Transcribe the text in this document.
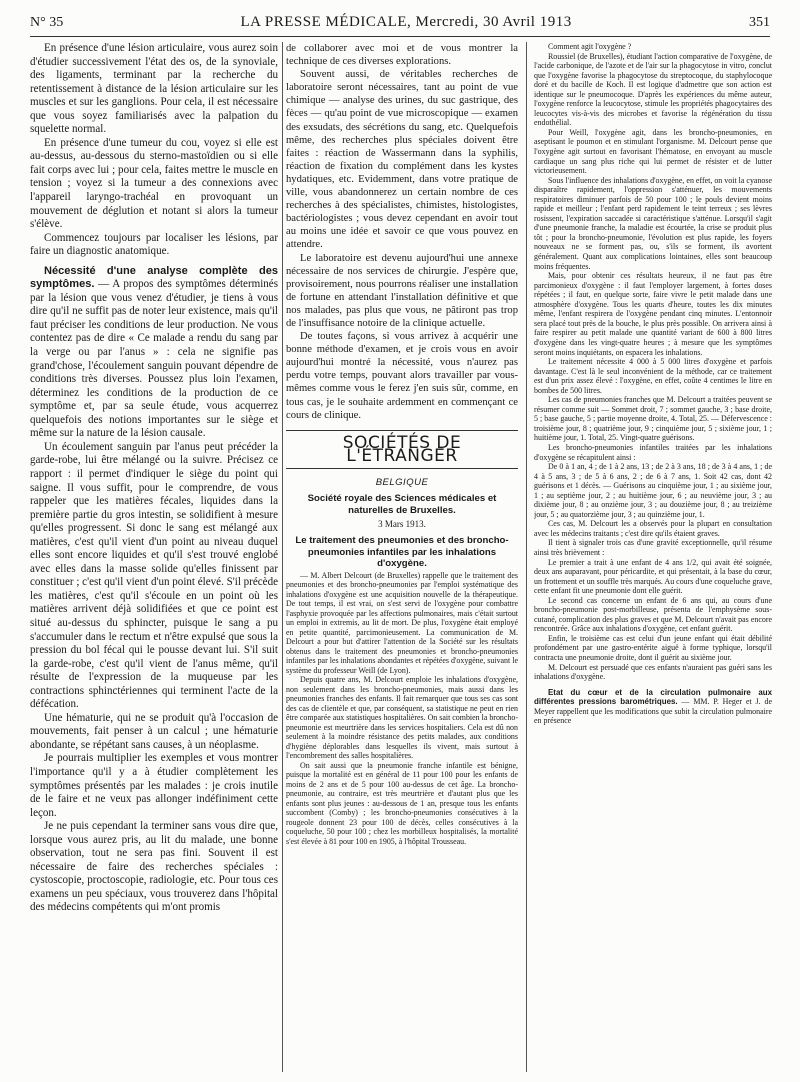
N° 35	LA PRESSE MÉDICALE, Mercredi, 30 Avril 1913	351

En présence d'une lésion articulaire, vous aurez soin d'étudier successivement l'état des os, de la synoviale, des ligaments, terminant par la recherche du retentissement à distance de la lésion articulaire sur les muscles et sur les ganglions. Pour cela, il est nécessaire que vous soyez familiarisés avec la palpation du squelette normal.

En présence d'une tumeur du cou, voyez si elle est au-dessus, au-dessous du sterno-mastoïdien ou si elle fait corps avec lui ; pour cela, faites mettre le muscle en tension ; voyez si la tumeur a des connexions avec l'appareil laryngo-trachéal en provoquant un mouvement de déglution et notant si alors la tumeur s'élève.

Commencez toujours par localiser les lésions, par faire un diagnostic anatomique.

Nécessité d'une analyse complète des symptômes. — A propos des symptômes déterminés par la lésion que vous venez d'étudier, je tiens à vous dire qu'il ne suffit pas de noter leur existence, mais qu'il faut préciser les conditions de leur production. Ne vous contentez pas de dire « Ce malade a rendu du sang par la verge ou par l'anus » : cela ne signifie pas grand'chose, l'écoulement sanguin pouvant dépendre de conditions très diverses. Poussez plus loin l'examen, déterminez les conditions de la production de ce symptôme et, par sa seule étude, vous acquerrez quelquefois des notions importantes sur le siège et même sur la nature de la lésion causale.

Un écoulement sanguin par l'anus peut précéder la garde-robe, lui être mélangé ou la suivre. Précisez ce rapport : il permet d'indiquer le siège du point qui saigne. Il vous suffit, pour le comprendre, de vous rappeler que les matières fécales, liquides dans la première partie du gros intestin, se solidifient à mesure qu'elles progressent. Si donc le sang est mélangé aux matières, c'est qu'il vient d'un point au niveau duquel elles sont encore liquides et qu'il s'est trouvé englobé avec elles dans la masse solide qu'elles finissent par constituer ; c'est qu'il vient d'un point élevé. S'il précède les matières, c'est qu'il s'écoule en un point où les matières arrivent déjà solidifiées et que ce point est situé au-dessus du sphincter, puisque le sang a pu s'accumuler dans le rectum et n'être expulsé que sous la pression du bol fécal qui le pousse devant lui. S'il suit la garde-robe, c'est qu'il vient de l'anus même, qu'il résulte de l'expression de la muqueuse par les contractions sphinctériennes qui terminent l'acte de la défécation.

Une hématurie, qui ne se produit qu'à l'occasion de mouvements, fait penser à un calcul ; une hématurie abondante, se répétant sans causes, à un néoplasme.

Je pourrais multiplier les exemples et vous montrer l'importance qu'il y a à étudier complètement les symptômes présentés par les malades : je crois inutile de le faire et ne veux pas allonger indéfiniment cette leçon.

Je ne puis cependant la terminer sans vous dire que, lorsque vous aurez pris, au lit du malade, une bonne observation, tout ne sera pas fini. Souvent il est nécessaire de faire des recherches spéciales : cystoscopie, proctoscopie, radiologie, etc. Pour tous ces examens un peu spéciaux, vous trouverez dans l'hôpital des médecins compétents qui m'ont promis

de collaborer avec moi et de vous montrer la technique de ces diverses explorations.

Souvent aussi, de véritables recherches de laboratoire seront nécessaires, tant au point de vue chimique — analyse des urines, du suc gastrique, des fèces — qu'au point de vue microscopique — examen des exsudats, des sécrétions du sang, etc. Quelquefois même, des recherches plus spéciales doivent être faites : réaction de Wassermann dans la syphilis, réaction de fixation du complément dans les kystes hydatiques, etc. Evidemment, dans votre pratique de ville, vous abandonnerez un certain nombre de ces recherches à des spécialistes, chimistes, histologistes, bactériologistes ; vous devez cependant en avoir tout au moins une idée et savoir ce que vous pouvez en attendre.

Le laboratoire est devenu aujourd'hui une annexe nécessaire de nos services de chirurgie. J'espère que, provisoirement, nous pourrons réaliser une installation de fortune en attendant l'installation définitive et que nos malades, pas plus que vous, ne pâtiront pas trop de l'insuffisance notoire de la clinique actuelle.

De toutes façons, si vous arrivez à acquérir une bonne méthode d'examen, et je crois vous en avoir aujourd'hui montré la nécessité, vous n'aurez pas perdu votre temps, pouvant alors travailler par vous-mêmes comme vous le ferez j'en suis sûr, comme, en tous cas, je le souhaite ardemment en commençant ce cours de clinique.

SOCIÉTÉS DE L'ÉTRANGER
BELGIQUE
Société royale des Sciences médicales et naturelles de Bruxelles.
3 Mars 1913.
Le traitement des pneumonies et des broncho-pneumonies infantiles par les inhalations d'oxygène.

— M. Albert Delcourt (de Bruxelles) rappelle que le traitement des pneumonies et des broncho-pneumonies par l'emploi systématique des inhalations d'oxygène est une acquisition nouvelle de la thérapeutique. De tout temps, il est vrai, on s'est servi de l'oxygène pour combattre l'asphyxie provoquée par les affections pulmonaires, mais c'était surtout un emploi in extremis, au lit de mort. De plus, l'oxygène était employé en petite quantité, parcimonieusement. La communication de M. Delcourt a pour but d'attirer l'attention de la Société sur les résultats obtenus dans le traitement des pneumonies et broncho-pneumonies infantiles par les inhalations abondantes et répétées d'oxygène, suivant le système du professeur Weill (de Lyon).

Depuis quatre ans, M. Delcourt emploie les inhalations d'oxygène, non seulement dans les broncho-pneumonies, mais aussi dans les pneumonies franches des enfants. Il fait remarquer que tous ses cas sont des cas de clientèle et que, par conséquent, sa statistique ne peut en rien être comparée aux statistiques hospitalières. On sait combien la broncho-pneumonie est meurtrière dans les services hospitaliers. Cela est dû non seulement à la moindre résistance des petits malades, aux conditions d'hygiène déplorables dans lesquelles ils vivent, mais surtout à l'encombrement des salles hospitalières.

On sait aussi que la pneumonie franche infantile est bénigne, puisque la mortalité est en général de 11 pour 100 pour les enfants de moins de 2 ans et de 5 pour 100 au-dessus de cet âge. La broncho-pneumonie, au contraire, est très meurtrière et d'autant plus que les enfants sont plus jeunes : au-dessous de 1 an, presque tous les enfants succombent (Comby) ; les broncho-pneumonies consécutives à la rougeole donnent 23 pour 100 de décès, celles consécutives à la coqueluche, 50 pour 100 ; chez les morbilleux hospitalisés, la mortalité s'est élevée à 81 pour 100 en 1905, à l'hôpital Trousseau.

Comment agit l'oxygène ?

Roussiel (de Bruxelles), étudiant l'action comparative de l'oxygène, de l'acide carbonique, de l'azote et de l'air sur la phagocytose in vitro, conclut que l'oxygène favorise la phagocytose du streptocoque, du staphylocoque doré et du bacille de Koch. Il est logique d'admettre que son action est identique sur le pneumocoque. D'après les expériences du même auteur, l'oxygène renforce la leucocytose, stimule les propriétés phagocytaires des leucocytes vis-à-vis des microbes et favorise la régénération du tissu endothélial.

Pour Weill, l'oxygène agit, dans les broncho-pneumonies, en aseptisant le poumon et en stimulant l'organisme. M. Delcourt pense que l'oxygène agit surtout en favorisant l'hématose, en envoyant au muscle cardiaque un sang plus riche qui lui permet de résister et de lutter victorieusement.

Sous l'influence des inhalations d'oxygène, en effet, on voit la cyanose disparaître rapidement, l'oppression s'atténuer, les mouvements respiratoires diminuer parfois de 50 pour 100 ; le pouls devient moins rapide et meilleur ; l'enfant perd rapidement le teint terreux ; ses lèvres rosissent, l'expiration saccadée si caractéristique s'atténue. Lorsqu'il s'agit d'une pneumonie franche, la maladie est écourtée, la crise se produit plus tôt ; pour la broncho-pneumonie, l'évolution est plus rapide, les foyers nouveaux ne se forment pas, ou, s'ils se forment, ils avortent généralement. Quant aux complications lointaines, elles sont beaucoup moins fréquentes.

Mais, pour obtenir ces résultats heureux, il ne faut pas être parcimonieux d'oxygène : il faut l'employer largement, à fortes doses répétées ; il faut, en quelque sorte, faire vivre le petit malade dans une atmosphère d'oxygène. Tous les quarts d'heure, toutes les dix minutes même, l'enfant respirera de l'oxygène pendant cinq minutes. L'entonnoir sera placé tout près de la bouche, le plus près possible. On arrivera ainsi à faire respirer au petit malade une quantité variant de 600 à 800 litres d'oxygène dans les vingt-quatre heures ; à mesure que les symptômes seront moins inquiétants, on espacera les inhalations.

Le traitement nécessite 4 000 à 5 000 litres d'oxygène et parfois davantage. C'est là le seul inconvénient de la méthode, car ce traitement est d'un prix assez élevé : l'oxygène, en effet, coûte 4 centimes le litre en bombes de 500 litres.

Les cas de pneumonies franches que M. Delcourt a traitées peuvent se résumer comme suit — Sommet droit, 7 ; sommet gauche, 3 ; base droite, 5 ; base gauche, 5 ; partie moyenne droite, 4. Total, 25. — Défervescence : troisième jour, 8 ; quatrième jour, 9 ; cinquième jour, 5 ; sixième jour, 1 ; huitième jour, 1. Total, 25. Vingt-quatre guérisons.

Les broncho-pneumonies infantiles traitées par les inhalations d'oxygène se récapitulent ainsi :

De 0 à 1 an, 4 ; de 1 à 2 ans, 13 ; de 2 à 3 ans, 18 ; de 3 à 4 ans, 1 ; de 4 à 5 ans, 3 ; de 5 à 6 ans, 2 ; de 6 à 7 ans, 1. Soit 42 cas, dont 42 guérisons et 1 décès. — Guérisons au cinquième jour, 1 ; au sixième jour, 1 ; au septième jour, 2 ; au huitième jour, 6 ; au neuvième jour, 3 ; au dixième jour, 8 ; au onzième jour, 3 ; au douzième jour, 8 ; au treizième jour, 5 ; au quatorzième jour, 3 ; au quinzième jour, 1.

Ces cas, M. Delcourt les a observés pour la plupart en consultation avec les médecins traitants ; c'est dire qu'ils étaient graves.

Il tient à signaler trois cas d'une gravité exceptionnelle, qu'il résume ainsi très brièvement :

Le premier a trait à une enfant de 4 ans 1/2, qui avait été soignée, deux ans auparavant, pour péricardite, et qui présentait, à la base du cœur, un frottement et un souffle très marqués. Au cours d'une coqueluche grave, cette enfant fit une pneumonie dont elle guérit.

Le second cas concerne un enfant de 6 ans qui, au cours d'une broncho-pneumonie post-morbilleuse, présenta de l'emphysème sous-cutané, complication des plus graves et que M. Delcourt n'avait pas encore rencontrée. Grâce aux inhalations d'oxygène, cet enfant guérit.

Enfin, le troisième cas est celui d'un jeune enfant qui était débilité profondément par une gastro-entérite aiguë à forme typhique, lorsqu'il contracta une pneumonie droite, dont il guérit au sixième jour.

M. Delcourt est persuadé que ces enfants n'auraient pas guéri sans les inhalations d'oxygène.

Etat du cœur et de la circulation pulmonaire aux différentes pressions barométriques. — MM. P. Heger et J. de Meyer rappellent que les modifications que subit la circulation pulmonaire en présence
